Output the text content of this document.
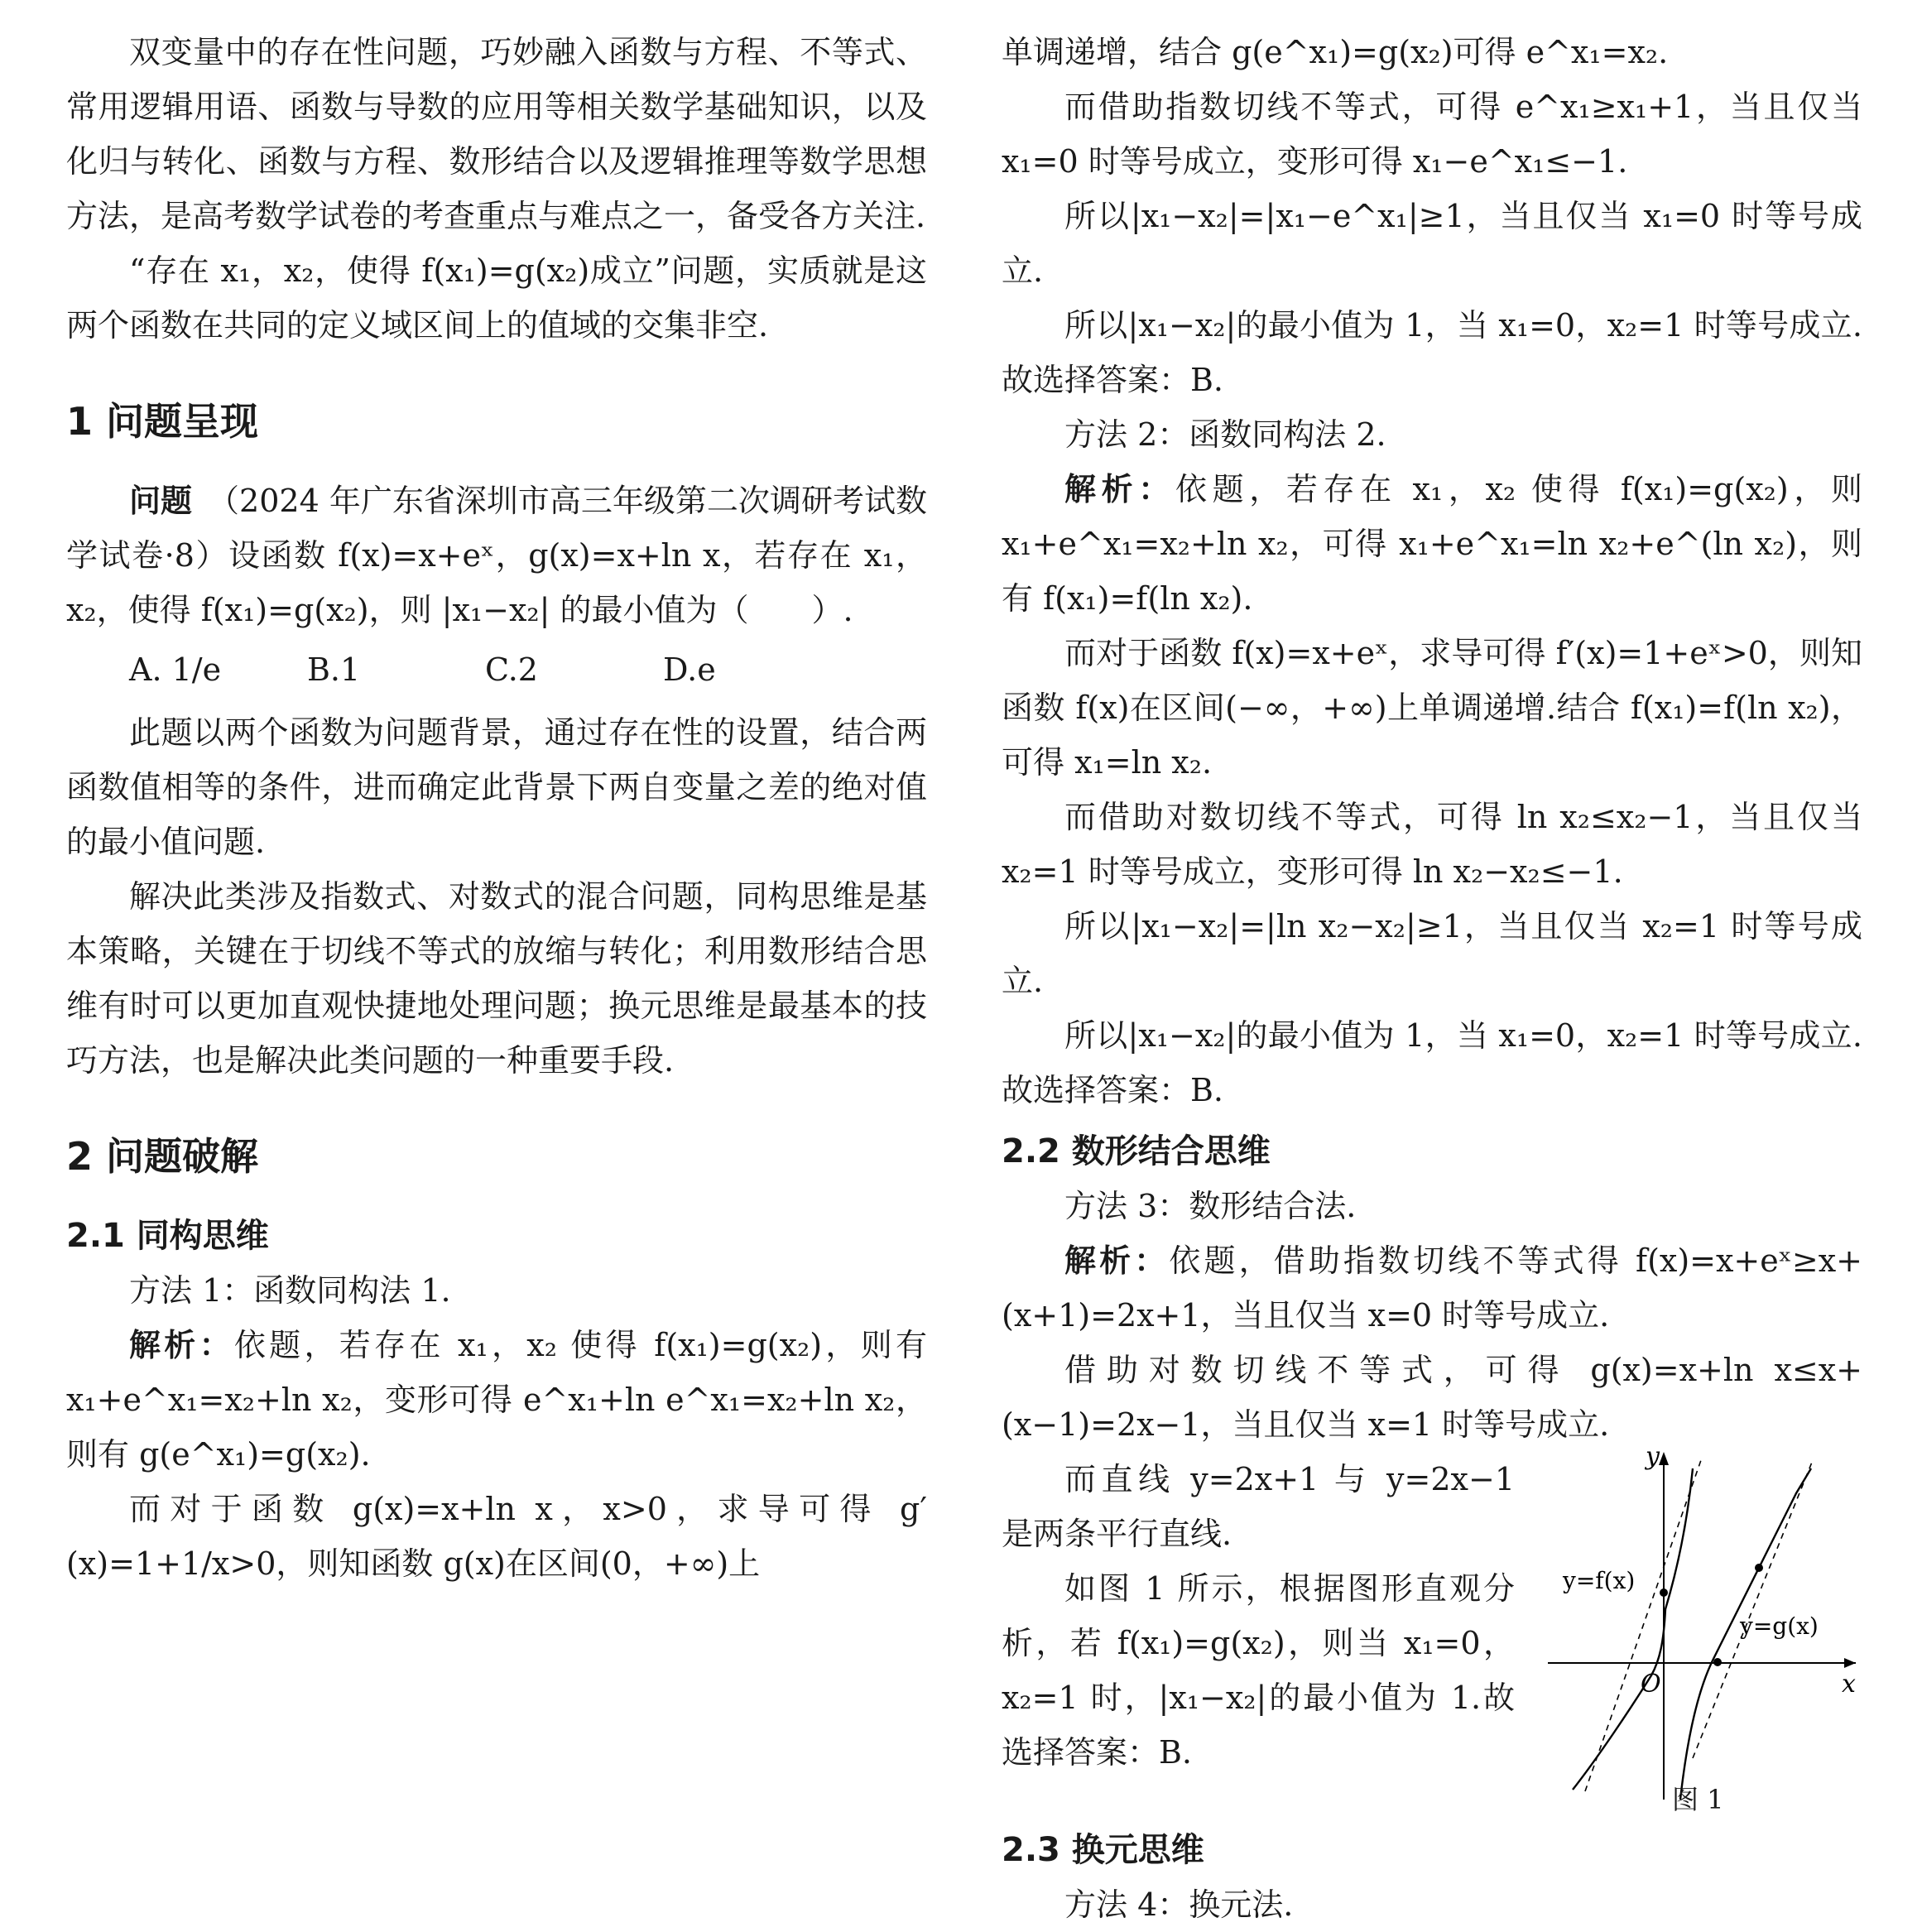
双变量中的存在性问题，巧妙融入函数与方程、不等式、常用逻辑用语、函数与导数的应用等相关数学基础知识，以及化归与转化、函数与方程、数形结合以及逻辑推理等数学思想方法，是高考数学试卷的考查重点与难点之一，备受各方关注.

“存在 x₁，x₂，使得 f(x₁)=g(x₂)成立”问题，实质就是这两个函数在共同的定义域区间上的值域的交集非空.

1 问题呈现

问题　 （2024 年广东省深圳市高三年级第二次调研考试数学试卷·8）设函数 f(x)=x+eˣ，g(x)=x+ln x，若存在 x₁，x₂，使得 f(x₁)=g(x₂)，则 |x₁−x₂| 的最小值为（　　）.

A. 1/e	B.1	C.2	D.e

此题以两个函数为问题背景，通过存在性的设置，结合两函数值相等的条件，进而确定此背景下两自变量之差的绝对值的最小值问题.

解决此类涉及指数式、对数式的混合问题，同构思维是基本策略，关键在于切线不等式的放缩与转化；利用数形结合思维有时可以更加直观快捷地处理问题；换元思维是最基本的技巧方法，也是解决此类问题的一种重要手段.

2 问题破解
2.1 同构思维

方法 1：函数同构法 1.

解析：依题，若存在 x₁，x₂ 使得 f(x₁)=g(x₂)，则有 x₁+e^x₁=x₂+ln x₂，变形可得 e^x₁+ln e^x₁=x₂+ln x₂，则有 g(e^x₁)=g(x₂).

而对于函数 g(x)=x+ln x，x>0，求导可得 g′(x)=1+1/x>0，则知函数 g(x)在区间(0，+∞)上

单调递增，结合 g(e^x₁)=g(x₂)可得 e^x₁=x₂.

而借助指数切线不等式，可得 e^x₁≥x₁+1，当且仅当 x₁=0 时等号成立，变形可得 x₁−e^x₁≤−1.

所以|x₁−x₂|=|x₁−e^x₁|≥1，当且仅当 x₁=0 时等号成立.

所以|x₁−x₂|的最小值为 1，当 x₁=0，x₂=1 时等号成立.故选择答案：B.

方法 2：函数同构法 2.

解析：依题，若存在 x₁，x₂ 使得 f(x₁)=g(x₂)，则 x₁+e^x₁=x₂+ln x₂，可得 x₁+e^x₁=ln x₂+e^(ln x₂)，则有 f(x₁)=f(ln x₂).

而对于函数 f(x)=x+eˣ，求导可得 f′(x)=1+eˣ>0，则知函数 f(x)在区间(−∞，+∞)上单调递增.结合 f(x₁)=f(ln x₂)，可得 x₁=ln x₂.

而借助对数切线不等式，可得 ln x₂≤x₂−1，当且仅当 x₂=1 时等号成立，变形可得 ln x₂−x₂≤−1.

所以|x₁−x₂|=|ln x₂−x₂|≥1，当且仅当 x₂=1 时等号成立.

所以|x₁−x₂|的最小值为 1，当 x₁=0，x₂=1 时等号成立.故选择答案：B.

2.2 数形结合思维

方法 3：数形结合法.

解析：依题，借助指数切线不等式得 f(x)=x+eˣ≥x+(x+1)=2x+1，当且仅当 x=0 时等号成立.

借助对数切线不等式，可得 g(x)=x+ln x≤x+(x−1)=2x−1，当且仅当 x=1 时等号成立.

而直线 y=2x+1 与 y=2x−1 是两条平行直线.

如图 1 所示，根据图形直观分析，若 f(x₁)=g(x₂)，则当 x₁=0，x₂=1 时，|x₁−x₂|的最小值为 1.故选择答案：B.

y
x
O
y=f(x)
y=g(x)
图 1
2.3 换元思维

方法 4：换元法.
